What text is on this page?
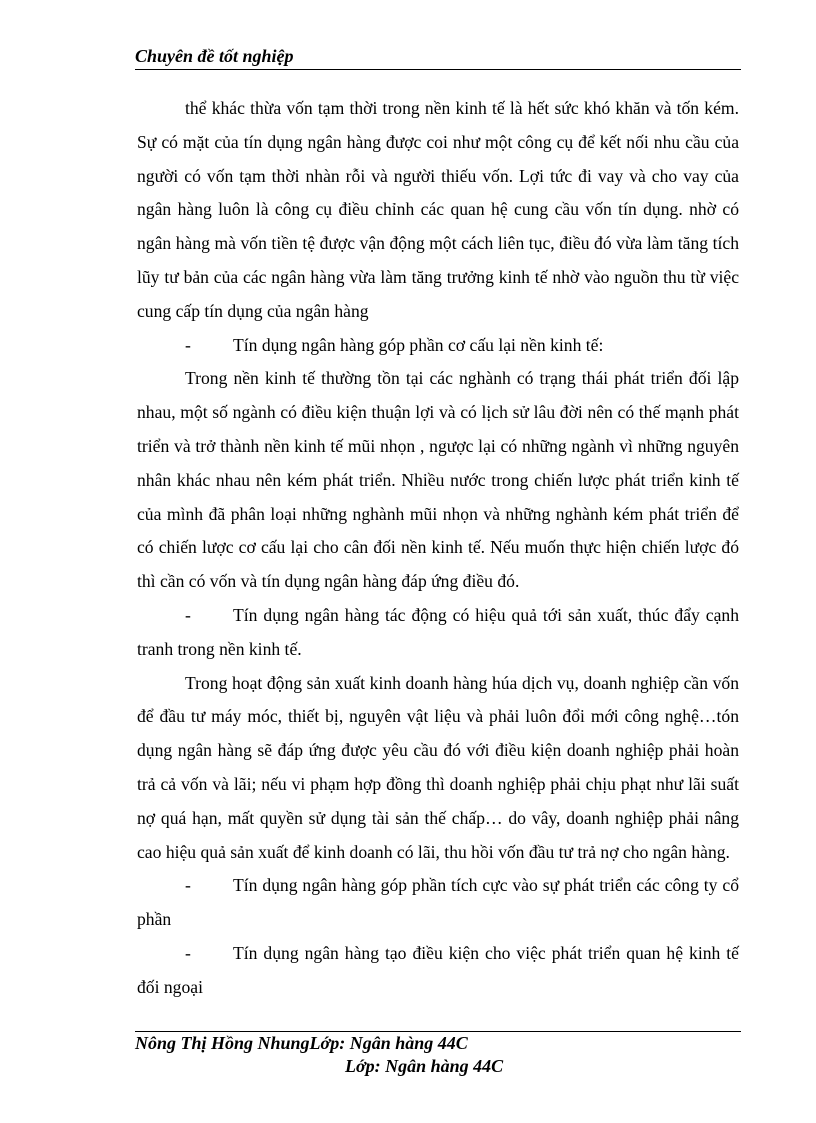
Chuyên đề tốt nghiệp

thể khác thừa vốn tạm thời trong nền kinh tế là hết sức khó khăn và tốn kém. Sự có mặt của tín dụng ngân hàng được coi như một công cụ để kết nối nhu cầu của người có vốn tạm thời nhàn rỗi và người thiếu vốn. Lợi tức đi vay và cho vay của ngân hàng luôn là công cụ điều chỉnh các quan hệ cung cầu vốn tín dụng. nhờ có ngân hàng mà vốn tiền tệ được vận động một cách liên tục, điều đó vừa làm tăng tích lũy tư bản của các ngân hàng vừa làm tăng trưởng kinh tế nhờ vào nguồn thu từ việc cung cấp tín dụng của ngân hàng

- Tín dụng ngân hàng góp phần cơ cấu lại nền kinh tế:

Trong nền kinh tế thường tồn tại các nghành có trạng thái phát triển đối lập nhau, một số ngành có điều kiện thuận lợi và có lịch sử lâu đời nên có thế mạnh phát triển và trở thành nền kinh tế mũi nhọn , ngược lại có những ngành vì những nguyên nhân khác nhau nên kém phát triển. Nhiều nước trong chiến lược phát triển kinh tế của mình đã phân loại những nghành mũi nhọn và những nghành kém phát triển để có chiến lược cơ cấu lại cho cân đối nền kinh tế. Nếu muốn thực hiện chiến lược đó thì cần có vốn và tín dụng ngân hàng đáp ứng điều đó.

- Tín dụng ngân hàng tác động có hiệu quả tới sản xuất, thúc đẩy cạnh tranh trong nền kinh tế.

Trong hoạt động sản xuất kinh doanh hàng húa dịch vụ, doanh nghiệp cần vốn để đầu tư máy móc, thiết bị, nguyên vật liệu và phải luôn đổi mới công nghệ…tón dụng ngân hàng sẽ đáp ứng được yêu cầu đó với điều kiện doanh nghiệp phải hoàn trả cả vốn và lãi; nếu vi phạm hợp đồng thì doanh nghiệp phải chịu phạt như lãi suất nợ quá hạn, mất quyền sử dụng tài sản thế chấp… do vây, doanh nghiệp phải nâng cao hiệu quả sản xuất để kinh doanh có lãi, thu hồi vốn đầu tư trả nợ cho ngân hàng.

- Tín dụng ngân hàng góp phần tích cực vào sự phát triển các công ty cổ phần

- Tín dụng ngân hàng tạo điều kiện cho việc phát triển quan hệ kinh tế đối ngoại

Nông Thị Hồng NhungLớp: Ngân hàng 44C
Lớp: Ngân hàng 44C
